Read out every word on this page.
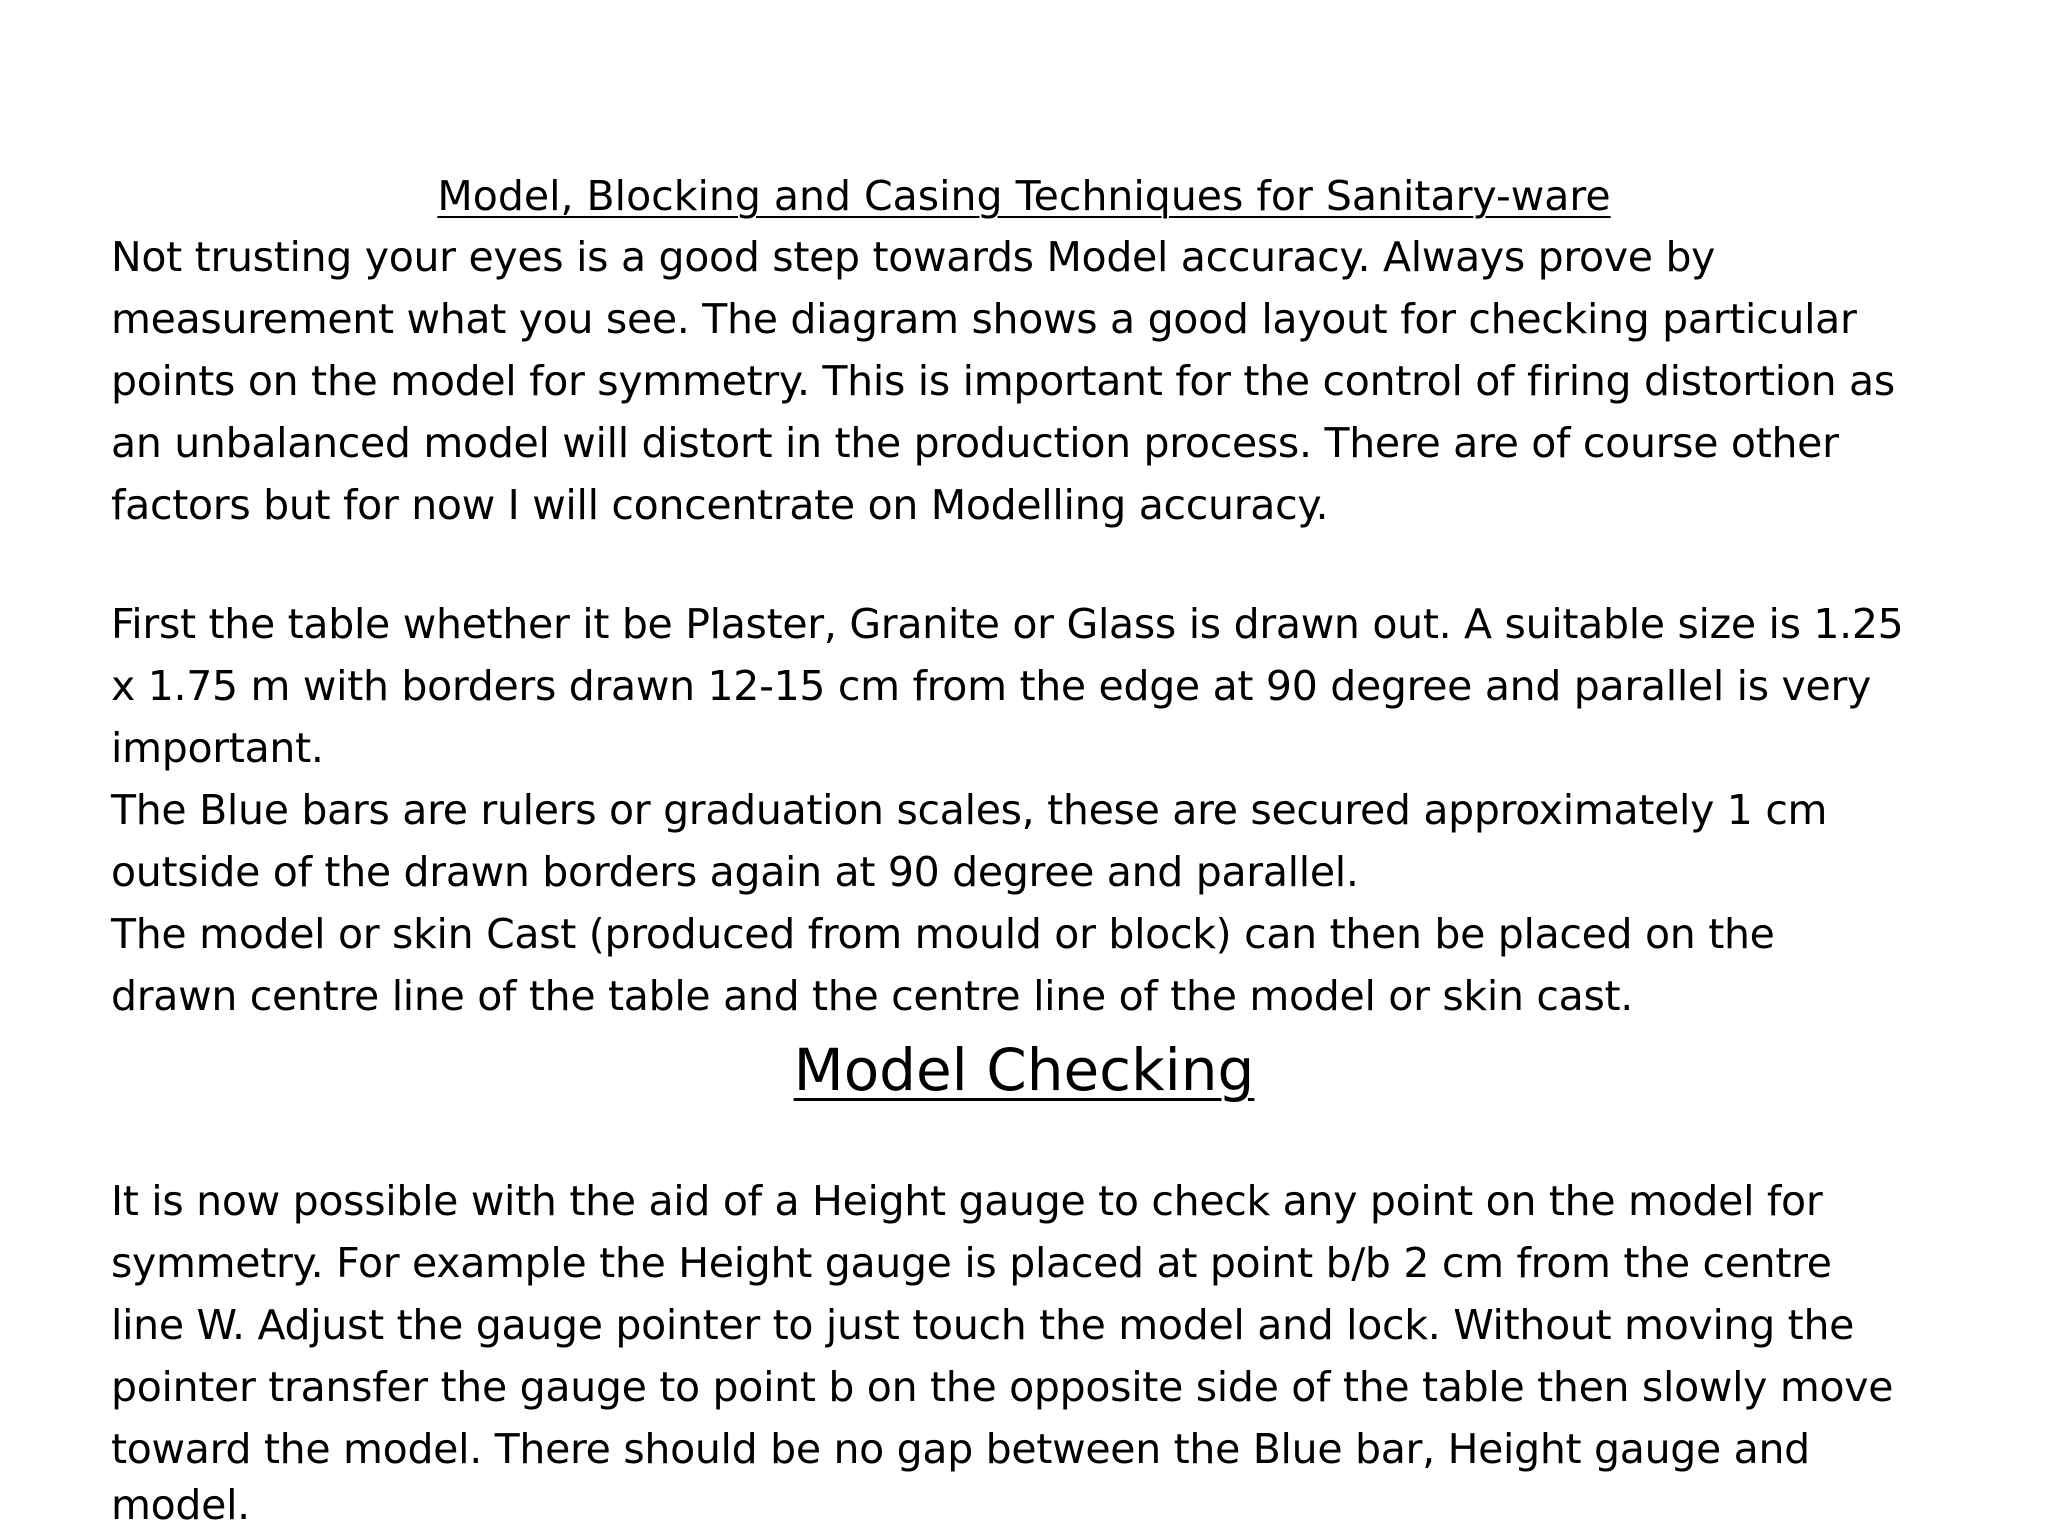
Model, Blocking and Casing Techniques for Sanitary-ware
Not trusting your eyes is a good step towards Model accuracy. Always prove by
measurement what you see. The diagram shows a good layout for checking particular
points on the model for symmetry. This is important for the control of firing distortion as
an unbalanced model will distort in the production process. There are of course other
factors but for now I will concentrate on Modelling accuracy.
First the table whether it be Plaster, Granite or Glass is drawn out. A suitable size is 1.25
x 1.75 m with borders drawn 12-15 cm from the edge at 90 degree and parallel is very
important.
The Blue bars are rulers or graduation scales, these are secured approximately 1 cm
outside of the drawn borders again at 90 degree and parallel.
The model or skin Cast (produced from mould or block) can then be placed on the
drawn centre line of the table and the centre line of the model or skin cast.
Model Checking
It is now possible with the aid of a Height gauge to check any point on the model for
symmetry. For example the Height gauge is placed at point b/b 2 cm from the centre
line W. Adjust the gauge pointer to just touch the model and lock. Without moving the
pointer transfer the gauge to point b on the opposite side of the table then slowly move
toward the model. There should be no gap between the Blue bar, Height gauge and
model.
